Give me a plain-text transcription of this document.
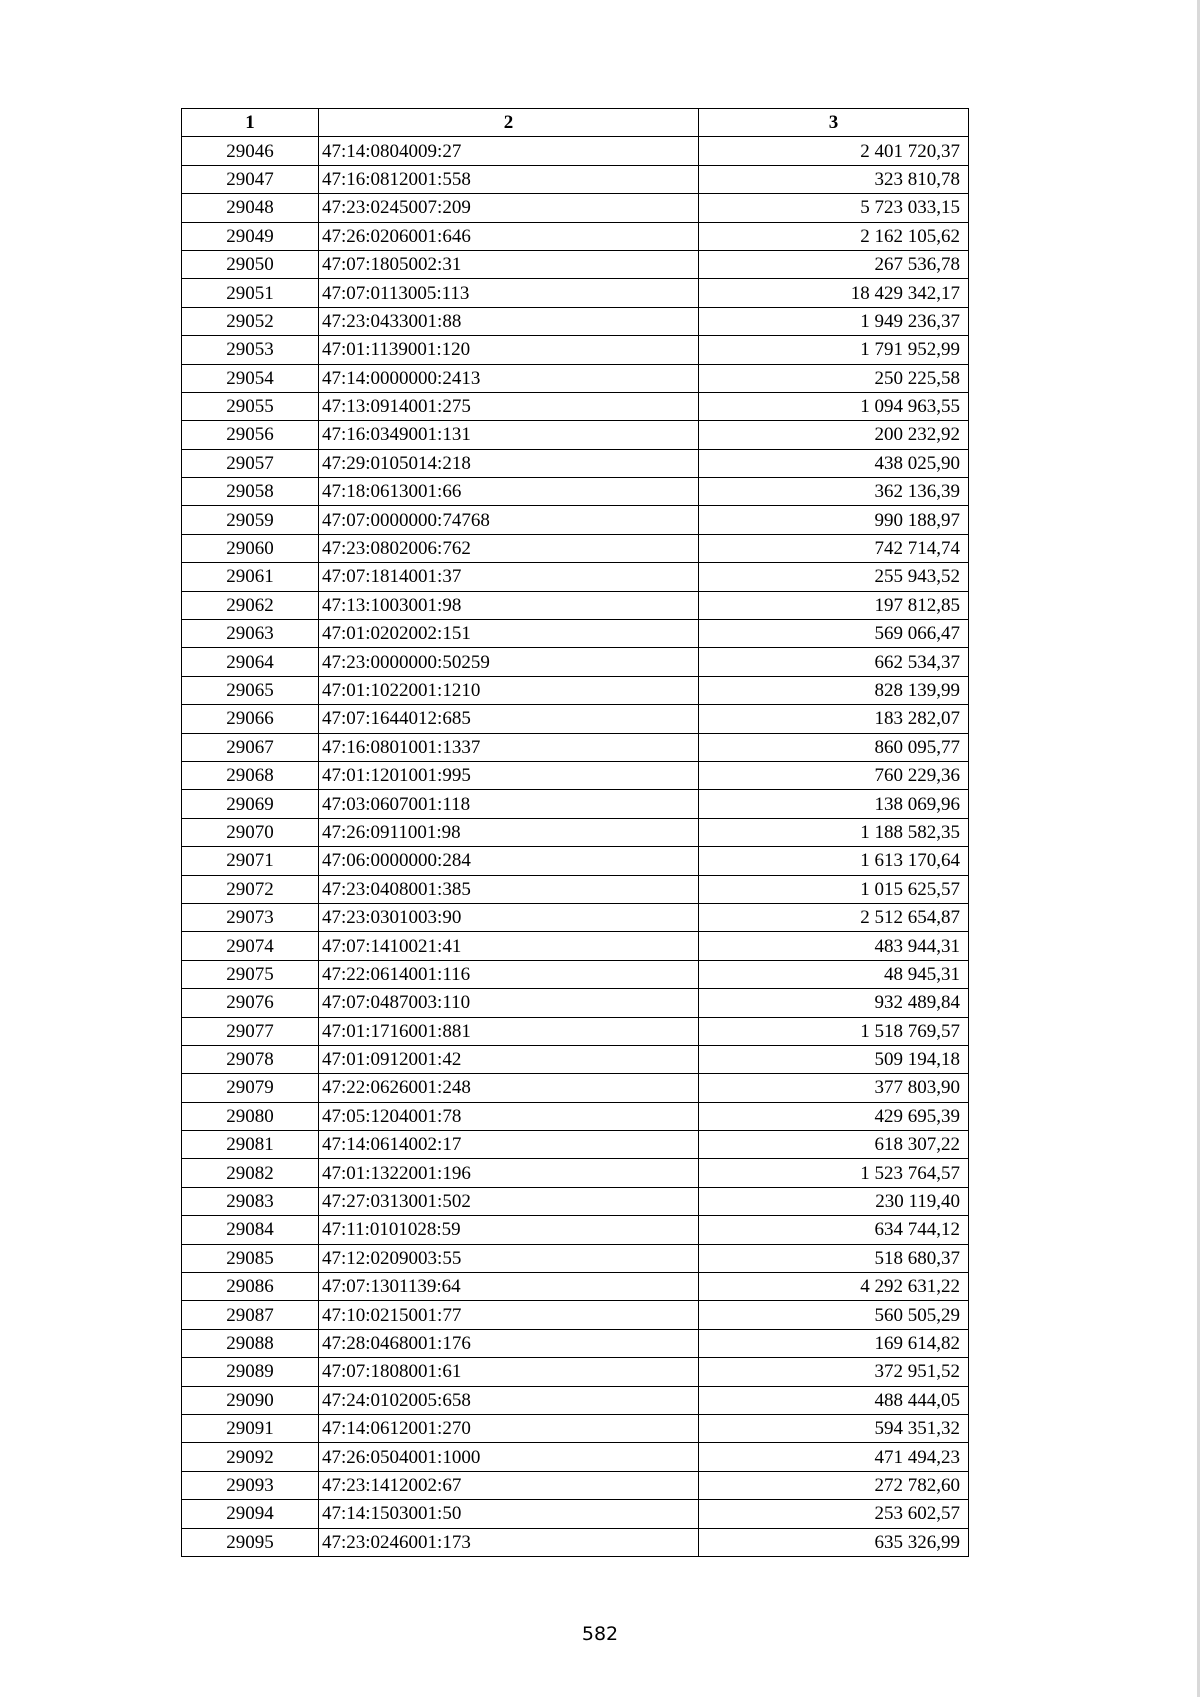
1	2	3
29046	47:14:0804009:27	2 401 720,37
29047	47:16:0812001:558	323 810,78
29048	47:23:0245007:209	5 723 033,15
29049	47:26:0206001:646	2 162 105,62
29050	47:07:1805002:31	267 536,78
29051	47:07:0113005:113	18 429 342,17
29052	47:23:0433001:88	1 949 236,37
29053	47:01:1139001:120	1 791 952,99
29054	47:14:0000000:2413	250 225,58
29055	47:13:0914001:275	1 094 963,55
29056	47:16:0349001:131	200 232,92
29057	47:29:0105014:218	438 025,90
29058	47:18:0613001:66	362 136,39
29059	47:07:0000000:74768	990 188,97
29060	47:23:0802006:762	742 714,74
29061	47:07:1814001:37	255 943,52
29062	47:13:1003001:98	197 812,85
29063	47:01:0202002:151	569 066,47
29064	47:23:0000000:50259	662 534,37
29065	47:01:1022001:1210	828 139,99
29066	47:07:1644012:685	183 282,07
29067	47:16:0801001:1337	860 095,77
29068	47:01:1201001:995	760 229,36
29069	47:03:0607001:118	138 069,96
29070	47:26:0911001:98	1 188 582,35
29071	47:06:0000000:284	1 613 170,64
29072	47:23:0408001:385	1 015 625,57
29073	47:23:0301003:90	2 512 654,87
29074	47:07:1410021:41	483 944,31
29075	47:22:0614001:116	48 945,31
29076	47:07:0487003:110	932 489,84
29077	47:01:1716001:881	1 518 769,57
29078	47:01:0912001:42	509 194,18
29079	47:22:0626001:248	377 803,90
29080	47:05:1204001:78	429 695,39
29081	47:14:0614002:17	618 307,22
29082	47:01:1322001:196	1 523 764,57
29083	47:27:0313001:502	230 119,40
29084	47:11:0101028:59	634 744,12
29085	47:12:0209003:55	518 680,37
29086	47:07:1301139:64	4 292 631,22
29087	47:10:0215001:77	560 505,29
29088	47:28:0468001:176	169 614,82
29089	47:07:1808001:61	372 951,52
29090	47:24:0102005:658	488 444,05
29091	47:14:0612001:270	594 351,32
29092	47:26:0504001:1000	471 494,23
29093	47:23:1412002:67	272 782,60
29094	47:14:1503001:50	253 602,57
29095	47:23:0246001:173	635 326,99
582
